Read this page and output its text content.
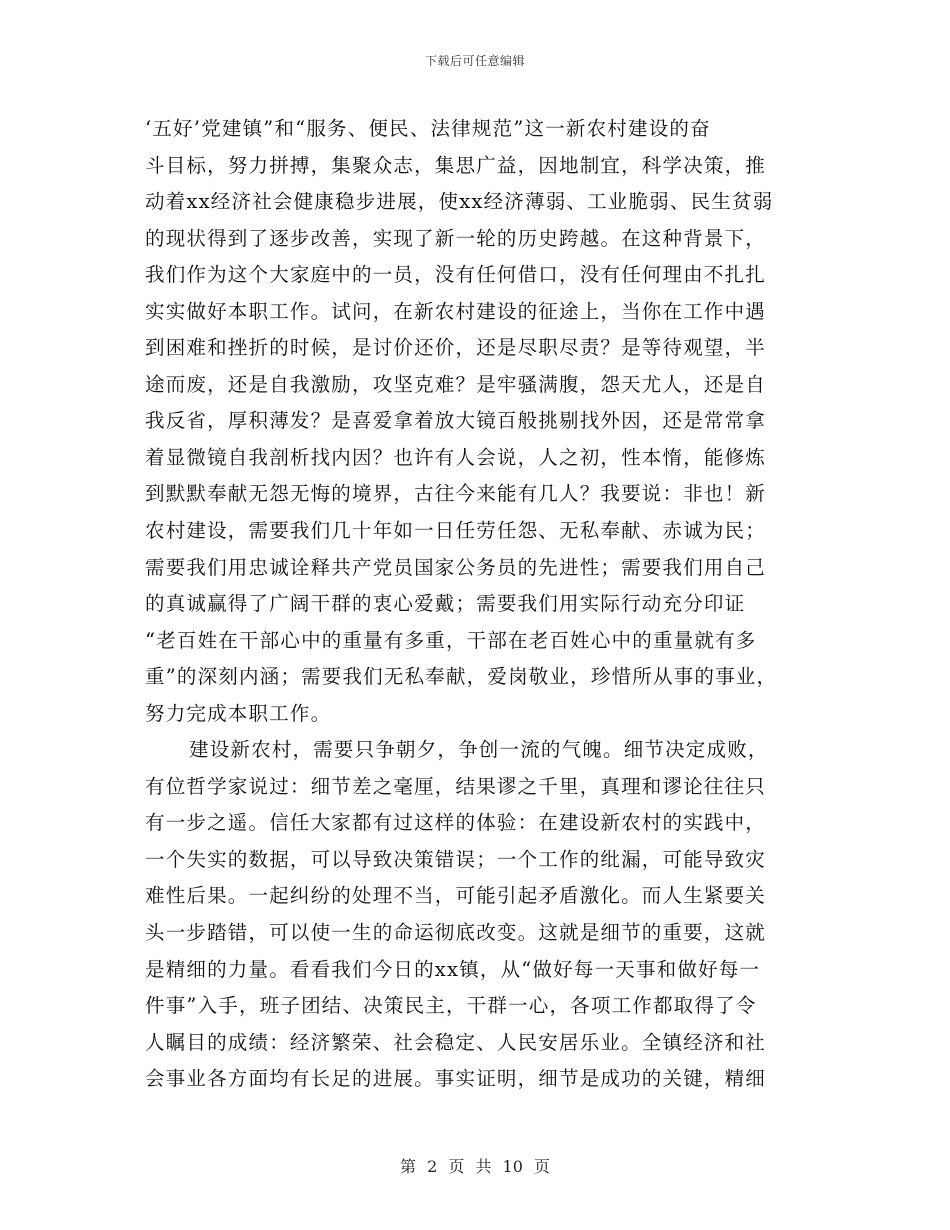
下载后可任意编辑
‘五好’党建镇”和“服务、便民、法律规范”这一新农村建设的奋
斗目标，努力拼搏，集聚众志，集思广益，因地制宜，科学决策，推
动着xx经济社会健康稳步进展，使xx经济薄弱、工业脆弱、民生贫弱
的现状得到了逐步改善，实现了新一轮的历史跨越。在这种背景下，
我们作为这个大家庭中的一员，没有任何借口，没有任何理由不扎扎
实实做好本职工作。试问，在新农村建设的征途上，当你在工作中遇
到困难和挫折的时候，是讨价还价，还是尽职尽责？是等待观望，半
途而废，还是自我激励，攻坚克难？是牢骚满腹，怨天尤人，还是自
我反省，厚积薄发？是喜爱拿着放大镜百般挑剔找外因，还是常常拿
着显微镜自我剖析找内因？也许有人会说，人之初，性本惰，能修炼
到默默奉献无怨无悔的境界，古往今来能有几人？我要说：非也！新
农村建设，需要我们几十年如一日任劳任怨、无私奉献、赤诚为民；
需要我们用忠诚诠释共产党员国家公务员的先进性；需要我们用自己
的真诚赢得了广阔干群的衷心爱戴；需要我们用实际行动充分印证
“老百姓在干部心中的重量有多重，干部在老百姓心中的重量就有多
重”的深刻内涵；需要我们无私奉献，爱岗敬业，珍惜所从事的事业，
努力完成本职工作。
建设新农村，需要只争朝夕，争创一流的气魄。细节决定成败，
有位哲学家说过：细节差之毫厘，结果谬之千里，真理和谬论往往只
有一步之遥。信任大家都有过这样的体验：在建设新农村的实践中，
一个失实的数据，可以导致决策错误；一个工作的纰漏，可能导致灾
难性后果。一起纠纷的处理不当，可能引起矛盾激化。而人生紧要关
头一步踏错，可以使一生的命运彻底改变。这就是细节的重要，这就
是精细的力量。看看我们今日的xx镇，从“做好每一天事和做好每一
件事”入手，班子团结、决策民主，干群一心，各项工作都取得了令
人瞩目的成绩：经济繁荣、社会稳定、人民安居乐业。全镇经济和社
会事业各方面均有长足的进展。事实证明，细节是成功的关键，精细
第 2 页 共 10 页
